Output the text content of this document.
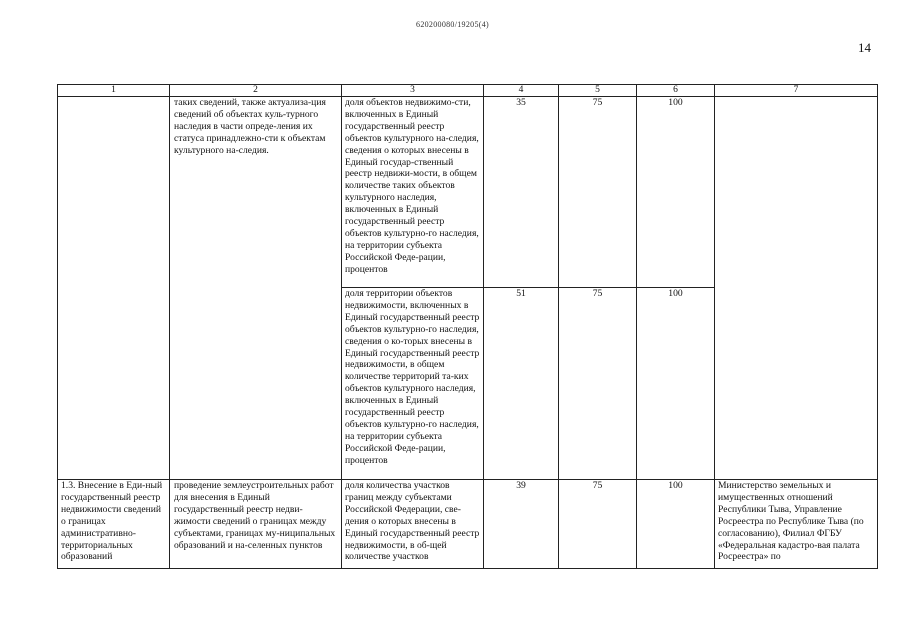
620200080/19205(4)
14
1	2	3	4	5	6	7
	таких сведений, также актуализа-ция сведений об объектах куль-турного наследия в части опреде-ления их статуса принадлежно-сти к объектам культурного на-следия.	доля объектов недвижимо-сти, включенных в Единый государственный реестр объектов культурного на-следия, сведения о которых внесены в Единый государ-ственный реестр недвижи-мости, в общем количестве таких объектов культурного наследия, включенных в Единый государственный реестр объектов культурно-го наследия, на территории субъекта Российской Феде-рации, процентов	35	75	100	
		доля территории объектов недвижимости, включенных в Единый государственный реестр объектов культурно-го наследия, сведения о ко-торых внесены в Единый государственный реестр недвижимости, в общем количестве территорий та-ких объектов культурного наследия, включенных в Единый государственный реестр объектов культурно-го наследия, на территории субъекта Российской Феде-рации, процентов	51	75	100	
1.3. Внесение в Еди-ный государственный реестр недвижимости сведений о границах административно-территориальных образований	проведение землеустроительных работ для внесения в Единый государственный реестр недви-жимости сведений о границах между субъектами, границах му-ниципальных образований и на-селенных пунктов	доля количества участков границ между субъектами Российской Федерации, све-дения о которых внесены в Единый государственный реестр недвижимости, в об-щей количестве участков	39	75	100	Министерство земельных и имущественных отношений Республики Тыва, Управление Росреестра по Республике Тыва (по согласованию), Филиал ФГБУ «Федеральная кадастро-вая палата Росреестра» по
